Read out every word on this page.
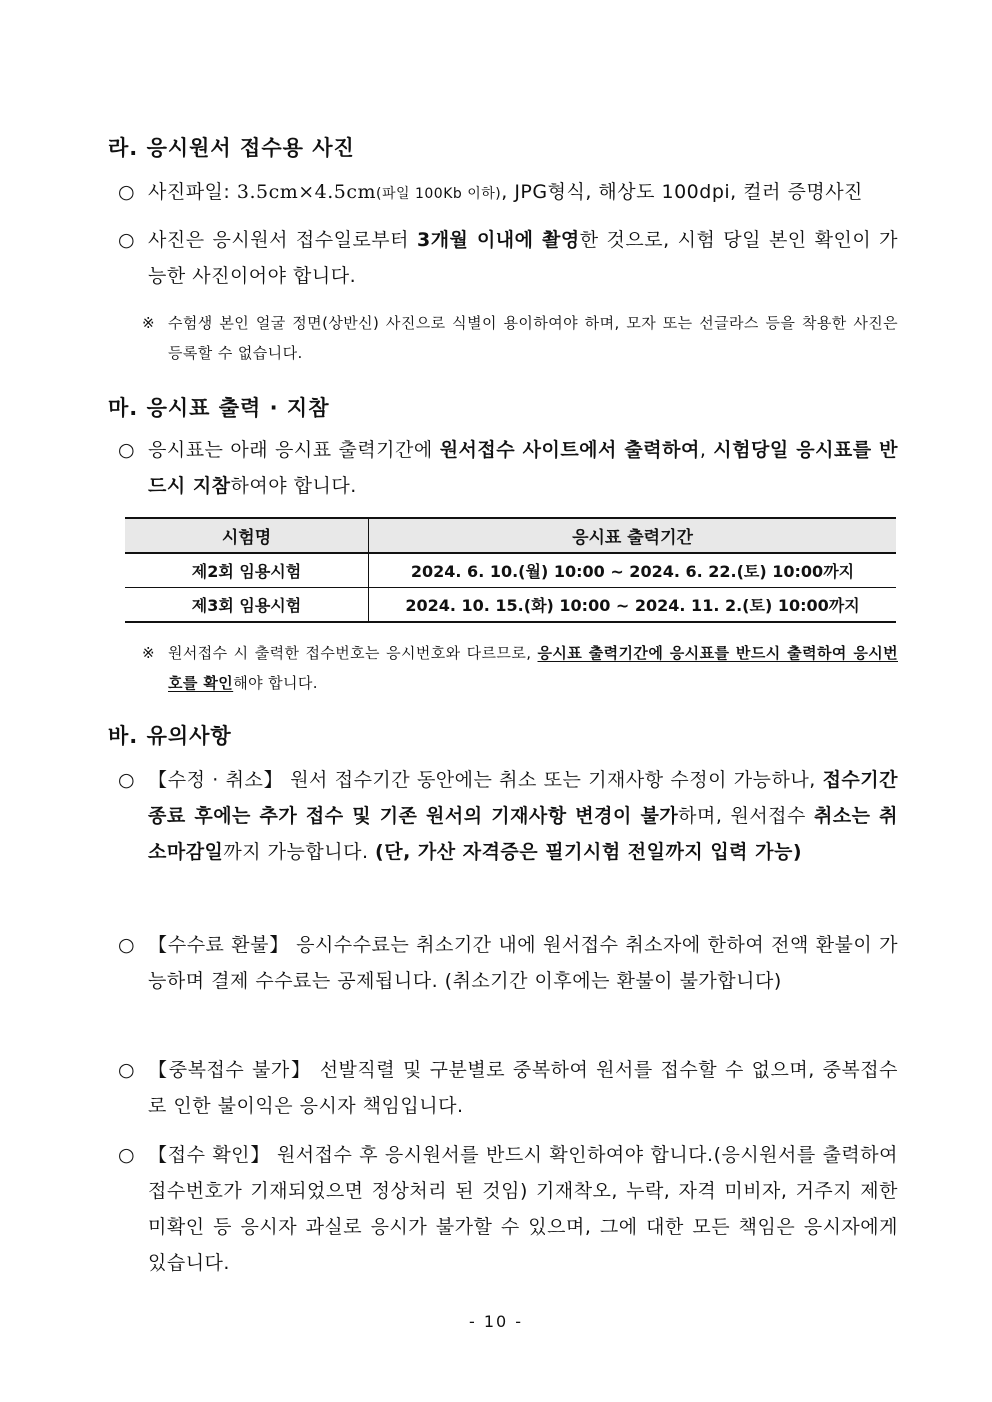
라. 응시원서 접수용 사진
○ 사진파일: 3.5cm×4.5cm(파일 100Kb 이하), JPG형식, 해상도 100dpi, 컬러 증명사진
○ 사진은 응시원서 접수일로부터 3개월 이내에 촬영한 것으로, 시험 당일 본인 확인이 가능한 사진이어야 합니다.
※ 수험생 본인 얼굴 정면(상반신) 사진으로 식별이 용이하여야 하며, 모자 또는 선글라스 등을 착용한 사진은 등록할 수 없습니다.
마. 응시표 출력 · 지참
○ 응시표는 아래 응시표 출력기간에 원서접수 사이트에서 출력하여, 시험당일 응시표를 반드시 지참하여야 합니다.
시험명	응시표 출력기간
제2회 임용시험	2024. 6. 10.(월) 10:00 ~ 2024. 6. 22.(토) 10:00까지
제3회 임용시험	2024. 10. 15.(화) 10:00 ~ 2024. 11. 2.(토) 10:00까지
※ 원서접수 시 출력한 접수번호는 응시번호와 다르므로, 응시표 출력기간에 응시표를 반드시 출력하여 응시번호를 확인해야 합니다.
바. 유의사항
○ 【수정 · 취소】 원서 접수기간 동안에는 취소 또는 기재사항 수정이 가능하나, 접수기간 종료 후에는 추가 접수 및 기존 원서의 기재사항 변경이 불가하며, 원서접수 취소는 취소마감일까지 가능합니다. (단, 가산 자격증은 필기시험 전일까지 입력 가능)
○ 【수수료 환불】 응시수수료는 취소기간 내에 원서접수 취소자에 한하여 전액 환불이 가능하며 결제 수수료는 공제됩니다. (취소기간 이후에는 환불이 불가합니다)
○ 【중복접수 불가】 선발직렬 및 구분별로 중복하여 원서를 접수할 수 없으며, 중복접수로 인한 불이익은 응시자 책임입니다.
○ 【접수 확인】 원서접수 후 응시원서를 반드시 확인하여야 합니다.(응시원서를 출력하여 접수번호가 기재되었으면 정상처리 된 것임) 기재착오, 누락, 자격 미비자, 거주지 제한 미확인 등 응시자 과실로 응시가 불가할 수 있으며, 그에 대한 모든 책임은 응시자에게 있습니다.
- 10 -
